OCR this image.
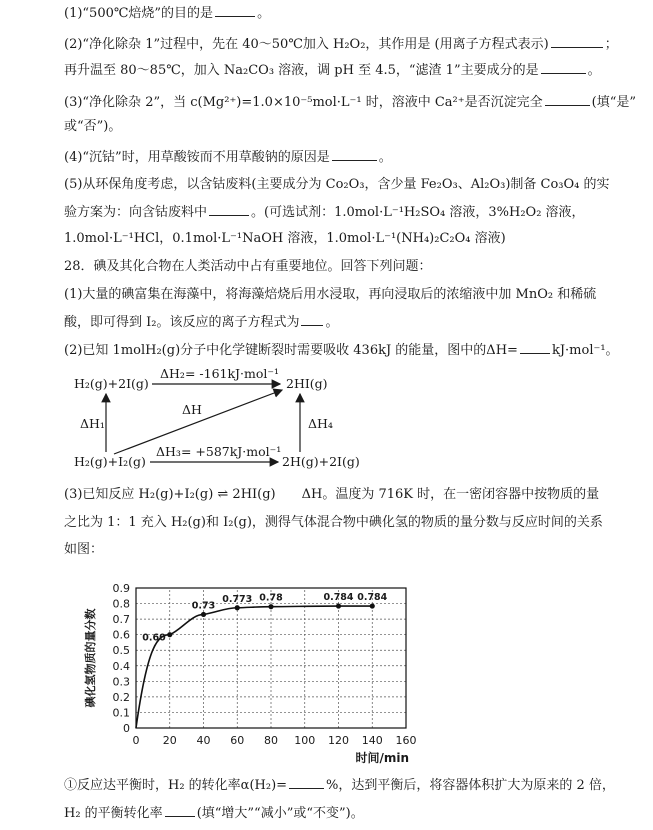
(1)“500℃焙烧”的目的是	。
(2)“净化除杂 1”过程中，先在 40～50℃加入 H₂O₂，其作用是 (用离子方程式表示)	；
再升温至 80～85℃，加入 Na₂CO₃ 溶液，调 pH 至 4.5，“滤渣 1”主要成分的是	。
(3)“净化除杂 2”，当 c(Mg²⁺)=1.0×10⁻⁵mol·L⁻¹ 时，溶液中 Ca²⁺是否沉淀完全	(填“是”
或“否”)。
(4)“沉钴”时，用草酸铵而不用草酸钠的原因是	。
(5)从环保角度考虑，以含钴废料(主要成分为 Co₂O₃，含少量 Fe₂O₃、Al₂O₃)制备 Co₃O₄ 的实
验方案为：向含钴废料中	。(可选试剂：1.0mol·L⁻¹H₂SO₄ 溶液，3%H₂O₂ 溶液，
1.0mol·L⁻¹HCl，0.1mol·L⁻¹NaOH 溶液，1.0mol·L⁻¹(NH₄)₂C₂O₄ 溶液)
28．碘及其化合物在人类活动中占有重要地位。回答下列问题：
(1)大量的碘富集在海藻中，将海藻焙烧后用水浸取，再向浸取后的浓缩液中加 MnO₂ 和稀硫
酸，即可得到 I₂。该反应的离子方程式为 。
(2)已知 1molH₂(g)分子中化学键断裂时需要吸收 436kJ 的能量，图中的ΔH=	kJ·mol⁻¹。
H₂(g)+2I(g)	2HI(g)
H₂(g)+I₂(g)	2H(g)+2I(g)
ΔH₂= -161kJ·mol⁻¹
ΔH₃= +587kJ·mol⁻¹
ΔH₁	ΔH₄
ΔH
(3)已知反应 H₂(g)+I₂(g) ⇌ 2HI(g)　　ΔH。温度为 716K 时，在一密闭容器中按物质的量
之比为 1：1 充入 H₂(g)和 I₂(g)，测得气体混合物中碘化氢的物质的量分数与反应时间的关系
如图：
0.1
0.2
0.3
0.4
0.5
0.6
0.7
0.8
0.9
0
0 20 40 60 80 100 120 140 160
0.60
0.73
0.773 0.78	0.784 0.784
碘化氢物质的量分数
时间/min
①反应达平衡时，H₂ 的转化率α(H₂)=	%，达到平衡后，将容器体积扩大为原来的 2 倍，
H₂ 的平衡转化率	(填“增大”“减小”或“不变”)。
